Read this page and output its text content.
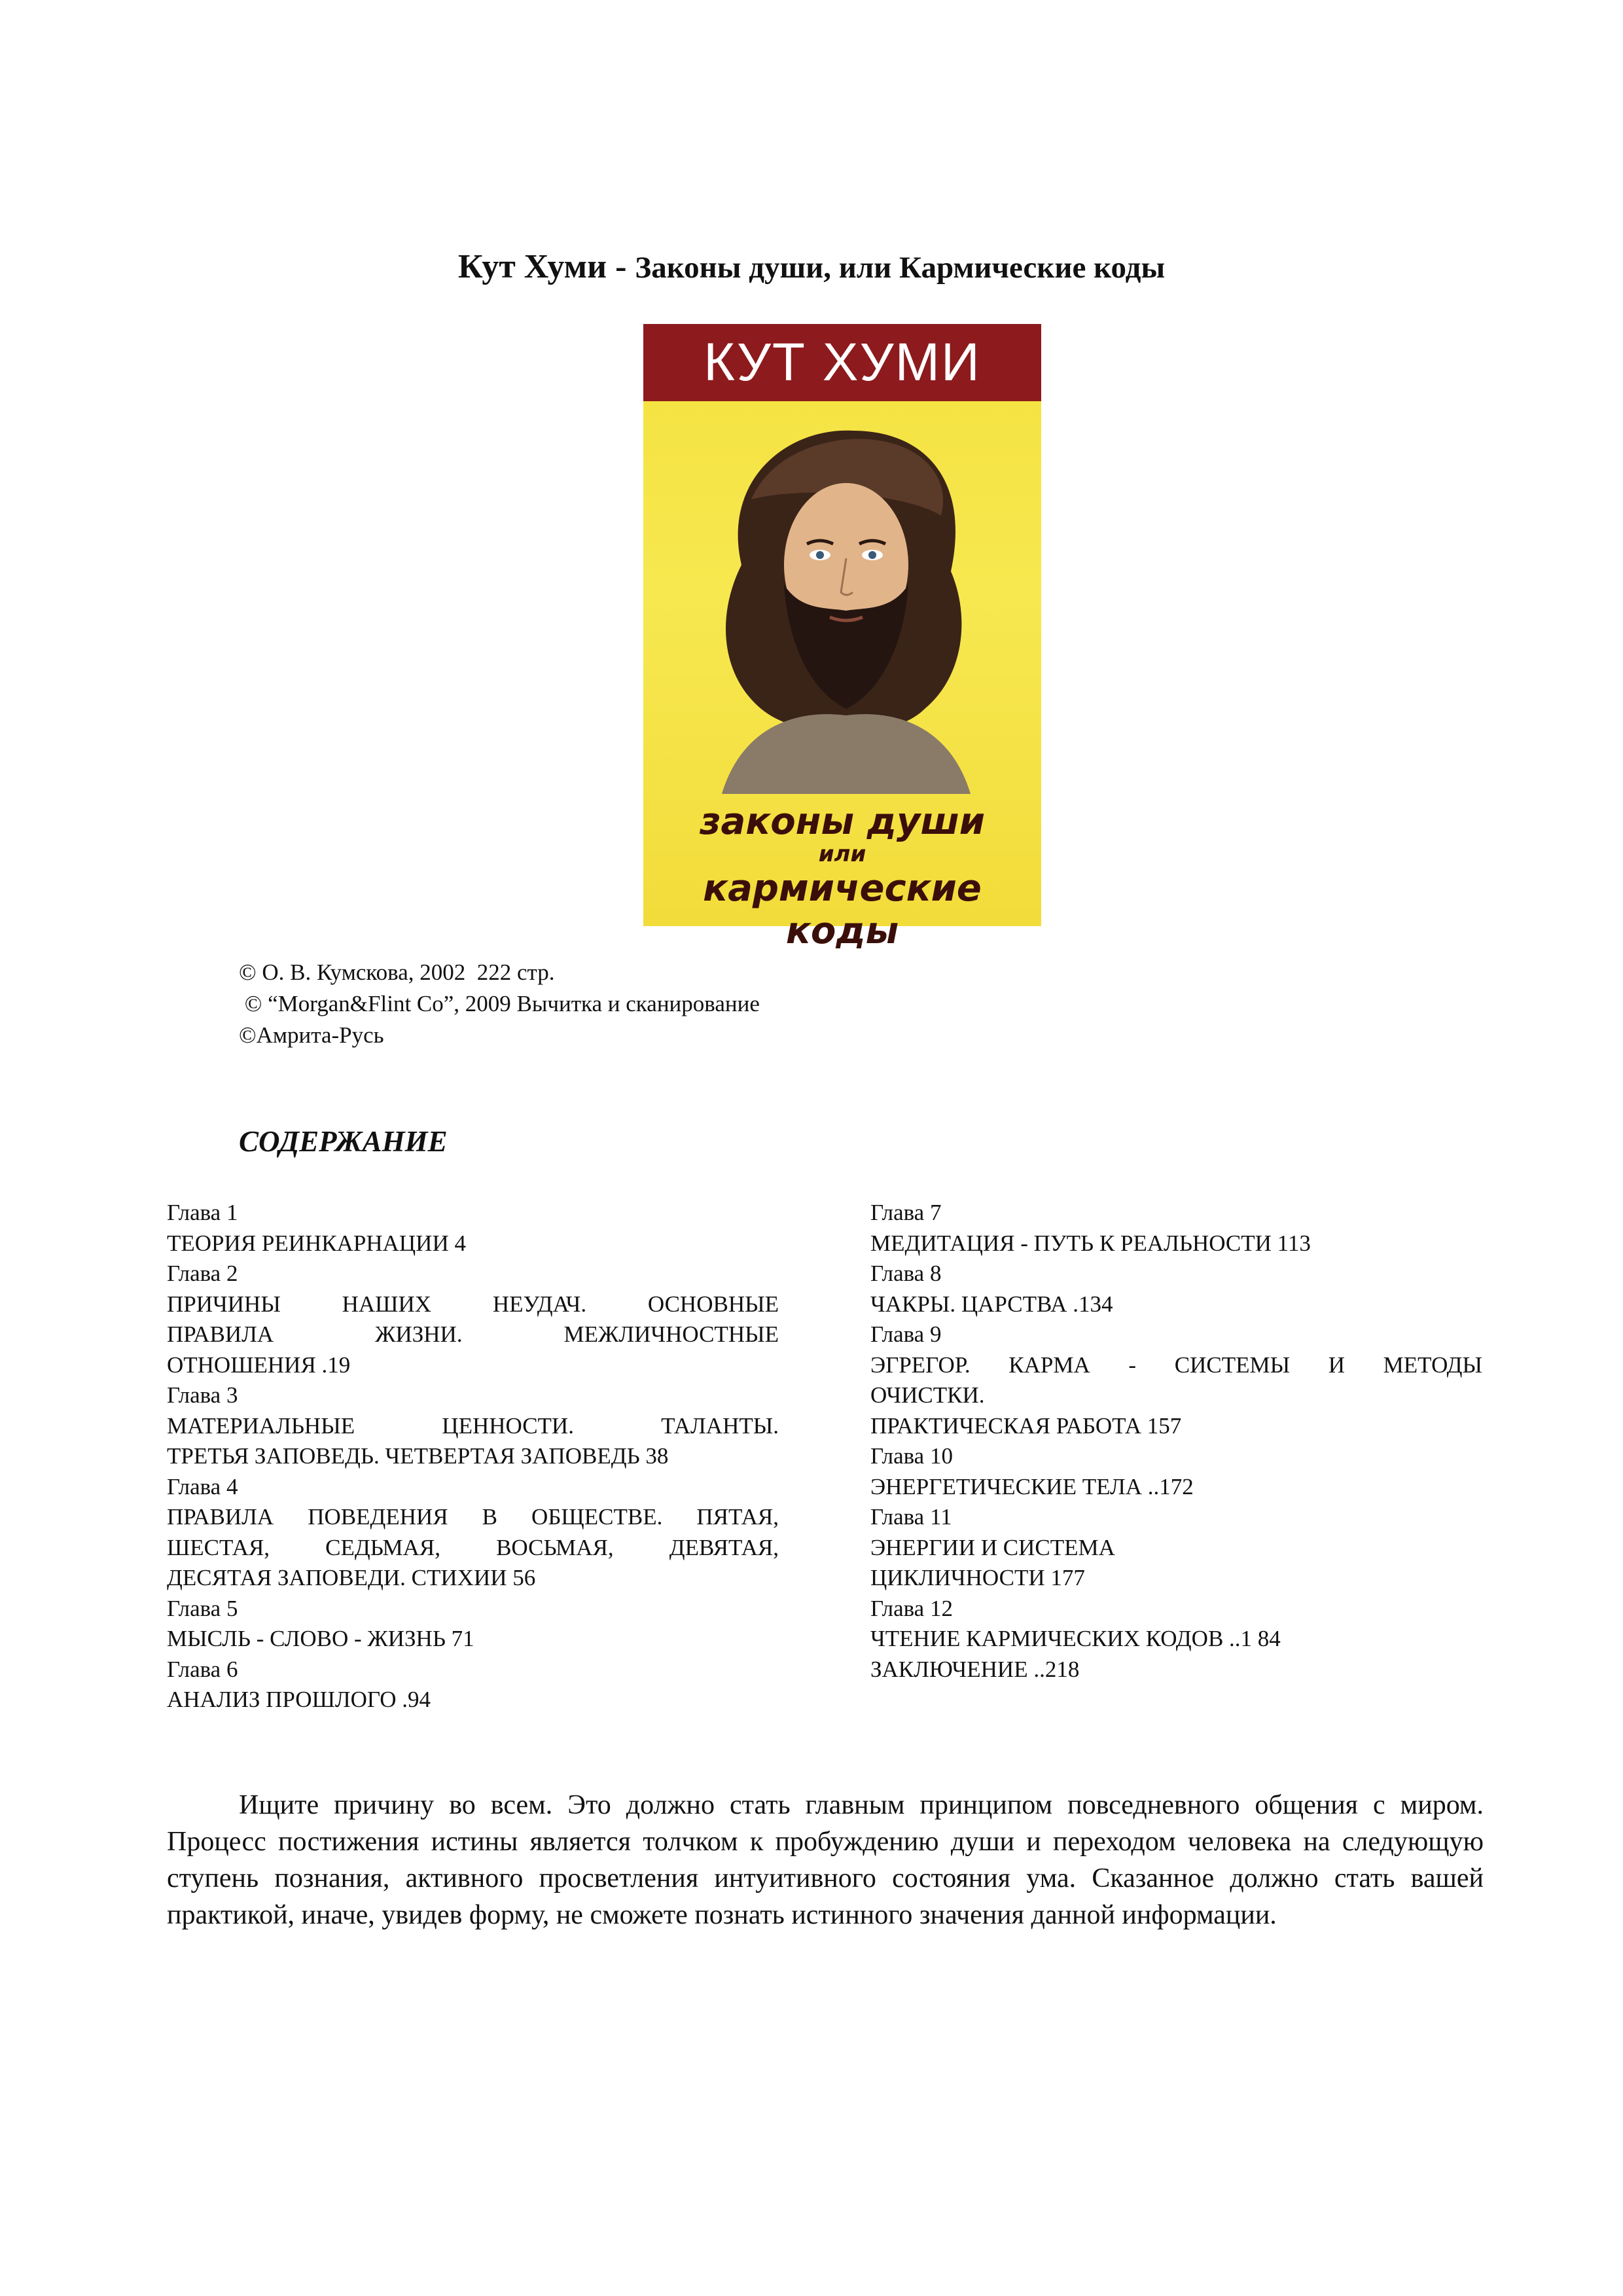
Кут Хуми - Законы души, или Кармические коды
КУТ ХУМИ
законы души
или
кармические коды
© О. В. Кумскова, 2002  222 стр.
© “Morgan&Flint Co”, 2009 Вычитка и сканирование
©Амрита-Русь
СОДЕРЖАНИЕ
Глава 1
ТЕОРИЯ РЕИНКАРНАЦИИ 4
Глава 2
ПРИЧИНЫ НАШИХ НЕУДАЧ. ОСНОВНЫЕ
ПРАВИЛА ЖИЗНИ. МЕЖЛИЧНОСТНЫЕ
ОТНОШЕНИЯ .19
Глава 3
МАТЕРИАЛЬНЫЕ ЦЕННОСТИ. ТАЛАНТЫ.
ТРЕТЬЯ ЗАПОВЕДЬ. ЧЕТВЕРТАЯ ЗАПОВЕДЬ 38
Глава 4
ПРАВИЛА ПОВЕДЕНИЯ В ОБЩЕСТВЕ. ПЯТАЯ,
ШЕСТАЯ, СЕДЬМАЯ, ВОСЬМАЯ, ДЕВЯТАЯ,
ДЕСЯТАЯ ЗАПОВЕДИ. СТИХИИ 56
Глава 5
МЫСЛЬ - СЛОВО - ЖИЗНЬ 71
Глава 6
АНАЛИЗ ПРОШЛОГО .94
Глава 7
МЕДИТАЦИЯ - ПУТЬ К РЕАЛЬНОСТИ 113
Глава 8
ЧАКРЫ. ЦАРСТВА .134
Глава 9
ЭГРЕГОР. КАРМА - СИСТЕМЫ И МЕТОДЫ
ОЧИСТКИ.
ПРАКТИЧЕСКАЯ РАБОТА 157
Глава 10
ЭНЕРГЕТИЧЕСКИЕ ТЕЛА ..172
Глава 11
ЭНЕРГИИ И СИСТЕМА
ЦИКЛИЧНОСТИ 177
Глава 12
ЧТЕНИЕ КАРМИЧЕСКИХ КОДОВ ..1 84
ЗАКЛЮЧЕНИЕ ..218
Ищите причину во всем. Это должно стать главным принципом повседневного общения с миром. Процесс постижения истины является толчком к пробуждению души и переходом человека на следующую ступень познания, активного просветления интуитивного состояния ума. Сказанное должно стать вашей практикой, иначе, увидев форму, не сможете познать истинного значения данной информации.
